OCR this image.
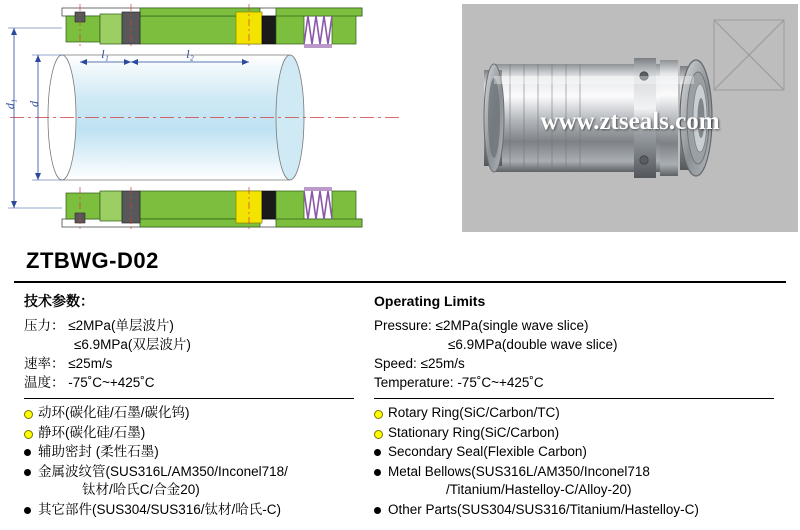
d₁ d
l₁	l₂
www.ztseals.com
ZTBWG-D02
技术参数：
压力： ≤2MPa(单层波片)
≤6.9MPa(双层波片)
速率： ≤25m/s
温度： -75˚C~+425˚C
动环(碳化硅/石墨/碳化钨)
静环(碳化硅/石墨)
辅助密封 (柔性石墨)
金属波纹管(SUS316L/AM350/Inconel718/
钛材/哈氏C/合金20)
其它部件(SUS304/SUS316/钛材/哈氏-C)
Operating Limits
Pressure: ≤2MPa(single wave slice)
≤6.9MPa(double wave slice)
Speed: ≤25m/s
Temperature: -75˚C~+425˚C
Rotary Ring(SiC/Carbon/TC)
Stationary Ring(SiC/Carbon)
Secondary Seal(Flexible Carbon)
Metal Bellows(SUS316L/AM350/Inconel718
/Titanium/Hastelloy-C/Alloy-20)
Other Parts(SUS304/SUS316/Titanium/Hastelloy-C)
